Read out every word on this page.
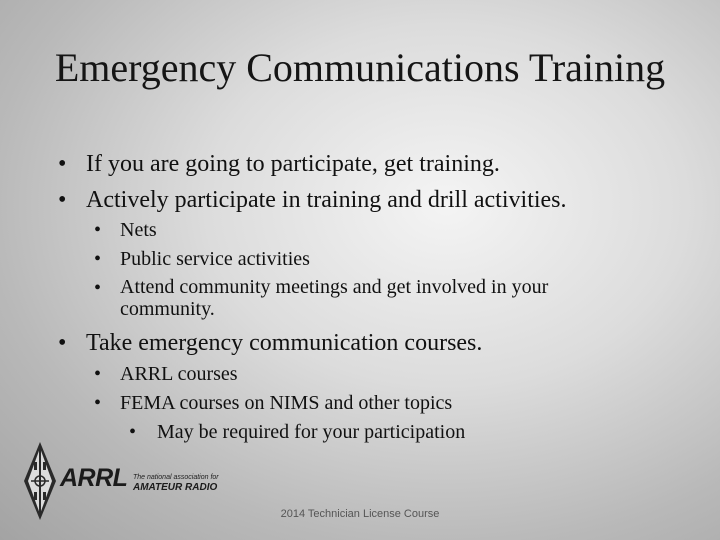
Emergency Communications Training
• If you are going to participate, get training.
• Actively participate in training and drill activities.
• Nets
• Public service activities
• Attend community meetings and get involved in your community.
• Take emergency communication courses.
• ARRL courses
• FEMA courses on NIMS and other topics
•	May be required for your participation
ARRL The national association for
AMATEUR RADIO
2014 Technician License Course
